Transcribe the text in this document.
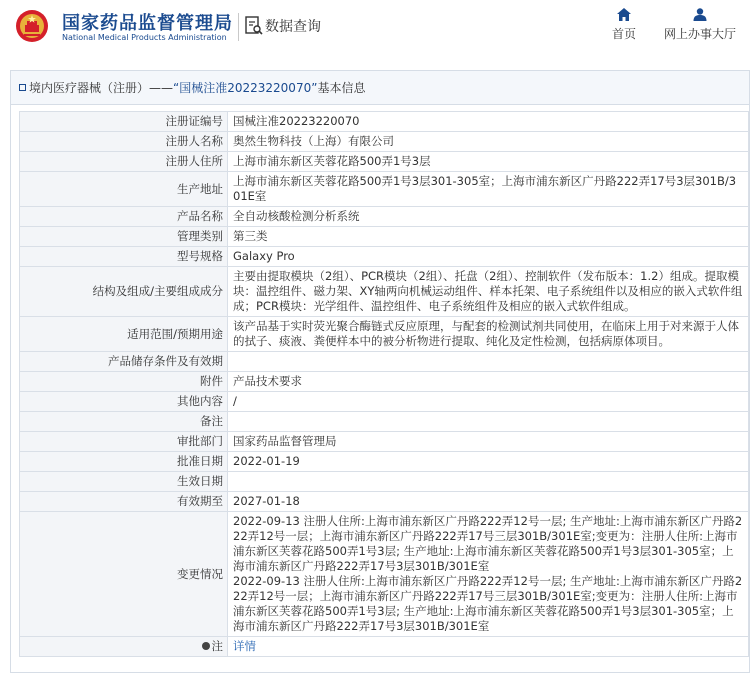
国家药品监督管理局
National Medical Products Administration
数据查询	首页	网上办事大厅
境内医疗器械（注册）——“国械注准20223220070”基本信息
注册证编号	国械注准20223220070
注册人名称	奥然生物科技（上海）有限公司
注册人住所	上海市浦东新区芙蓉花路500弄1号3层
生产地址	上海市浦东新区芙蓉花路500弄1号3层301-305室；上海市浦东新区广丹路222弄17号3层301B/301E室
产品名称	全自动核酸检测分析系统
管理类别	第三类
型号规格	Galaxy Pro
结构及组成/主要组成成分	主要由提取模块（2组）、PCR模块（2组）、托盘（2组）、控制软件（发布版本：1.2）组成。提取模块：温控组件、磁力架、XY轴两向机械运动组件、样本托架、电子系统组件以及相应的嵌入式软件组成；PCR模块：光学组件、温控组件、电子系统组件及相应的嵌入式软件组成。
适用范围/预期用途	该产品基于实时荧光聚合酶链式反应原理，与配套的检测试剂共同使用，在临床上用于对来源于人体的拭子、痰液、粪便样本中的被分析物进行提取、纯化及定性检测，包括病原体项目。
产品储存条件及有效期	
附件	产品技术要求
其他内容	/
备注	
审批部门	国家药品监督管理局
批准日期	2022-01-19
生效日期	
有效期至	2027-01-18
变更情况	2022-09-13 注册人住所:上海市浦东新区广丹路222弄12号一层; 生产地址:上海市浦东新区广丹路222弄12号一层；上海市浦东新区广丹路222弄17号三层301B/301E室;变更为：注册人住所:上海市浦东新区芙蓉花路500弄1号3层; 生产地址:上海市浦东新区芙蓉花路500弄1号3层301-305室；上海市浦东新区广丹路222弄17号3层301B/301E室
2022-09-13 注册人住所:上海市浦东新区广丹路222弄12号一层; 生产地址:上海市浦东新区广丹路222弄12号一层；上海市浦东新区广丹路222弄17号三层301B/301E室;变更为：注册人住所:上海市浦东新区芙蓉花路500弄1号3层; 生产地址:上海市浦东新区芙蓉花路500弄1号3层301-305室；上海市浦东新区广丹路222弄17号3层301B/301E室
注	详情
